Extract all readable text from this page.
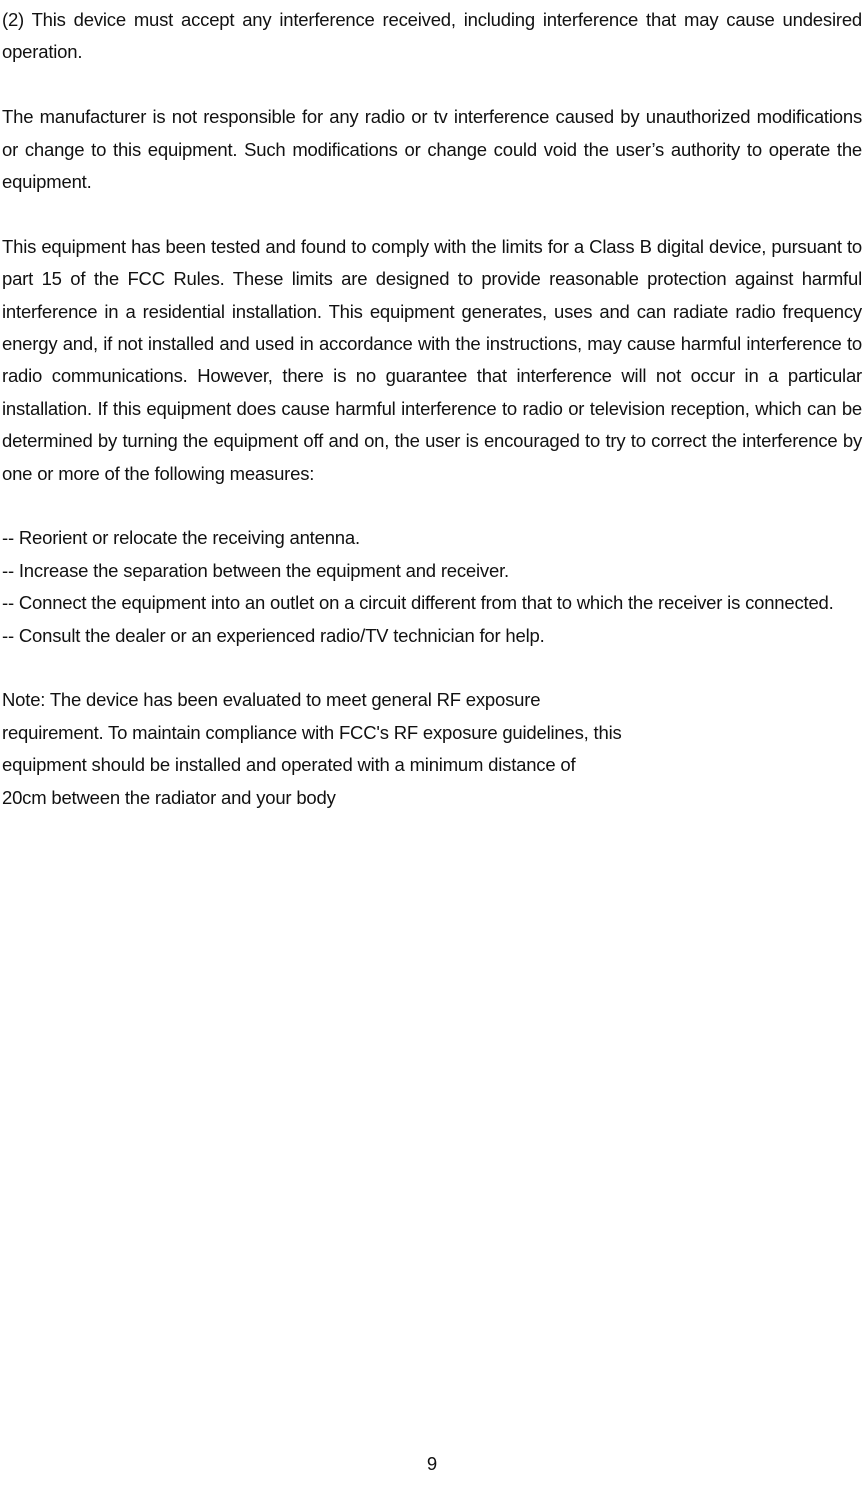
(2) This device must accept any interference received, including interference that may cause undesired operation.

The manufacturer is not responsible for any radio or tv interference caused by unauthorized modifications or change to this equipment. Such modifications or change could void the user’s authority to operate the equipment.

This equipment has been tested and found to comply with the limits for a Class B digital device, pursuant to part 15 of the FCC Rules. These limits are designed to provide reasonable protection against harmful interference in a residential installation. This equipment generates, uses and can radiate radio frequency energy and, if not installed and used in accordance with the instructions, may cause harmful interference to radio communications. However, there is no guarantee that interference will not occur in a particular installation. If this equipment does cause harmful interference to radio or television reception, which can be determined by turning the equipment off and on, the user is encouraged to try to correct the interference by one or more of the following measures:

-- Reorient or relocate the receiving antenna.

-- Increase the separation between the equipment and receiver.

-- Connect the equipment into an outlet on a circuit different from that to which the receiver is connected.

-- Consult the dealer or an experienced radio/TV technician for help.

Note: The device has been evaluated to meet general RF exposure

requirement. To maintain compliance with FCC's RF exposure guidelines, this

equipment should be installed and operated with a minimum distance of

20cm between the radiator and your body

9
